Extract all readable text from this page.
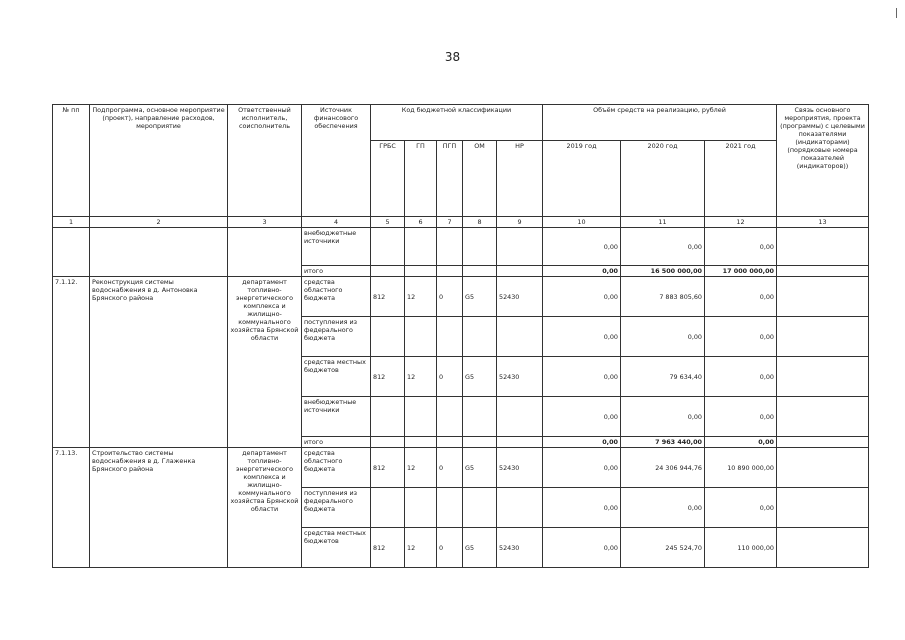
38
№ пп	Подпрограмма, основное мероприятие (проект), направление расходов, мероприятие	Ответственный исполнитель, соисполнитель	Источник финансового обеспечения	Код бюджетной классификации					Объём средств на реализацию, рублей			Связь основного мероприятия, проекта (программы) с целевыми показателями (индикаторами) (порядковые номера показателей (индикаторов))
				ГРБС	ГП	ПГП	ОМ	НР	2019 год	2020 год	2021 год	
1	2	3	4	5	6	7	8	9	10	11	12	13
			внебюджетные источники						0,00	0,00	0,00	
			итого						0,00	16 500 000,00	17 000 000,00	
7.1.12.	Реконструкция системы водоснабжения в д. Антоновка Брянского района	департамент топливно-энергетического комплекса и жилищно-коммунального хозяйства Брянской области	средства областного бюджета	812	12	0	G5	52430	0,00	7 883 805,60	0,00	
			поступления из федерального бюджета						0,00	0,00	0,00	
			средства местных бюджетов	812	12	0	G5	52430	0,00	79 634,40	0,00	
			внебюджетные источники						0,00	0,00	0,00	
			итого						0,00	7 963 440,00	0,00	
7.1.13.	Строительство системы водоснабжения в д. Глаженка Брянского района	департамент топливно-энергетического комплекса и жилищно-коммунального хозяйства Брянской области	средства областного бюджета	812	12	0	G5	52430	0,00	24 306 944,76	10 890 000,00	
			поступления из федерального бюджета						0,00	0,00	0,00	
			средства местных бюджетов	812	12	0	G5	52430	0,00	245 524,70	110 000,00	
